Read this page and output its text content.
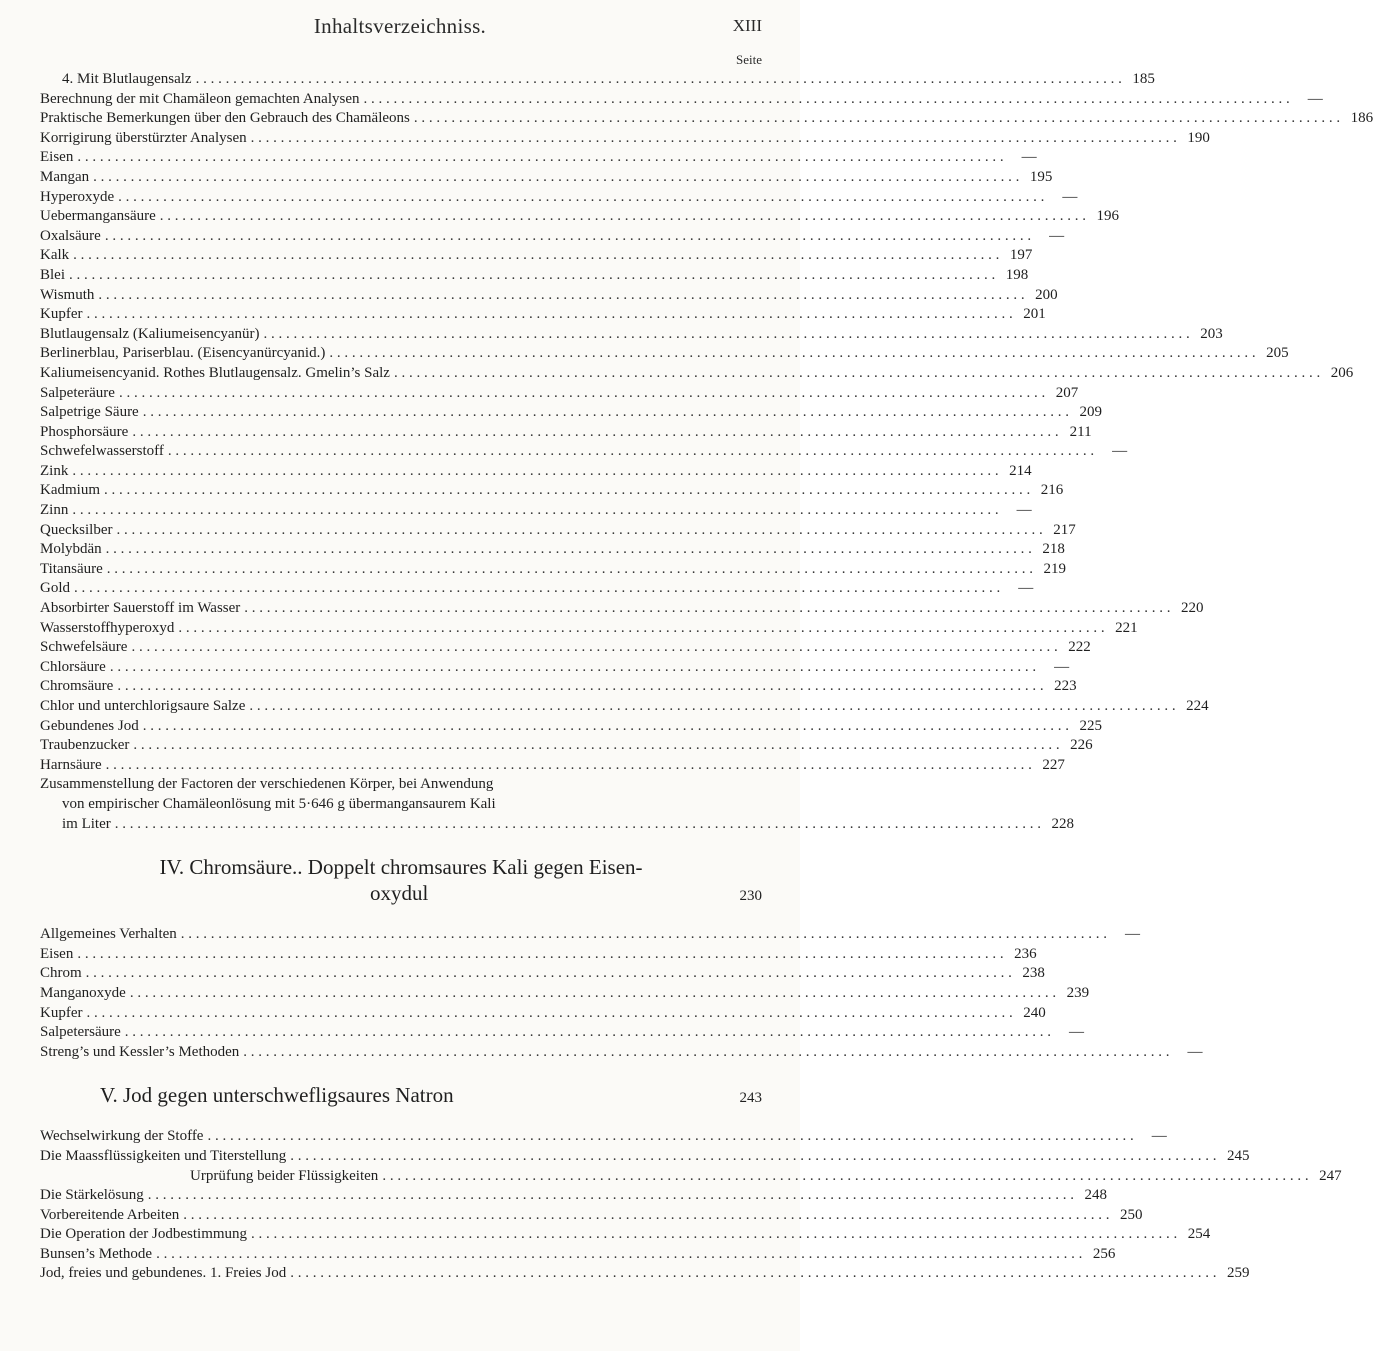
Inhaltsverzeichniss.	XIII
Seite
4. Mit Blutlaugensalz . . .	185
Berechnung der mit Chamäleon gemachten Analysen . . .	—
Praktische Bemerkungen über den Gebrauch des Chamäleons . . .	186
Korrigirung überstürzter Analysen . . .	190
Eisen . . .	—
Mangan . . .	195
Hyperoxyde . . .	—
Uebermangansäure . . .	196
Oxalsäure . . .	—
Kalk . . .	197
Blei . . .	198
Wismuth . . .	200
Kupfer . . .	201
Blutlaugensalz (Kaliumeisencyanür) . . .	203
Berlinerblau, Pariserblau. (Eisencyanürcyanid.) . . .	205
Kaliumeisencyanid. Rothes Blutlaugensalz. Gmelin’s Salz . . .	206
Salpeteräure . . .	207
Salpetrige Säure . . .	209
Phosphorsäure . . .	211
Schwefelwasserstoff . . .	—
Zink . . .	214
Kadmium . . .	216
Zinn . . .	—
Quecksilber . . .	217
Molybdän . . .	218
Titansäure . . .	219
Gold . . .	—
Absorbirter Sauerstoff im Wasser . . .	220
Wasserstoffhyperoxyd . . .	221
Schwefelsäure . . .	222
Chlorsäure . . .	—
Chromsäure . . .	223
Chlor und unterchlorigsaure Salze . . .	224
Gebundenes Jod . . .	225
Traubenzucker . . .	226
Harnsäure . . .	227
Zusammenstellung der Factoren der verschiedenen Körper, bei Anwendung
von empirischer Chamäleonlösung mit 5·646 g übermangansaurem Kali
im Liter . . .	228
IV. Chromsäure.. Doppelt chromsaures Kali gegen Eisen-
oxydul	230
Allgemeines Verhalten . . .	—
Eisen . . .	236
Chrom . . .	238
Manganoxyde . . .	239
Kupfer . . .	240
Salpetersäure . . .	—
Streng’s und Kessler’s Methoden . . .	—
V. Jod gegen unterschwefligsaures Natron	243
Wechselwirkung der Stoffe . . .	—
Die Maassflüssigkeiten und Titerstellung . . .	245
Urprüfung beider Flüssigkeiten . . .	247
Die Stärkelösung . . .	248
Vorbereitende Arbeiten . . .	250
Die Operation der Jodbestimmung . . .	254
Bunsen’s Methode . . .	256
Jod, freies und gebundenes. 1. Freies Jod . . .	259
